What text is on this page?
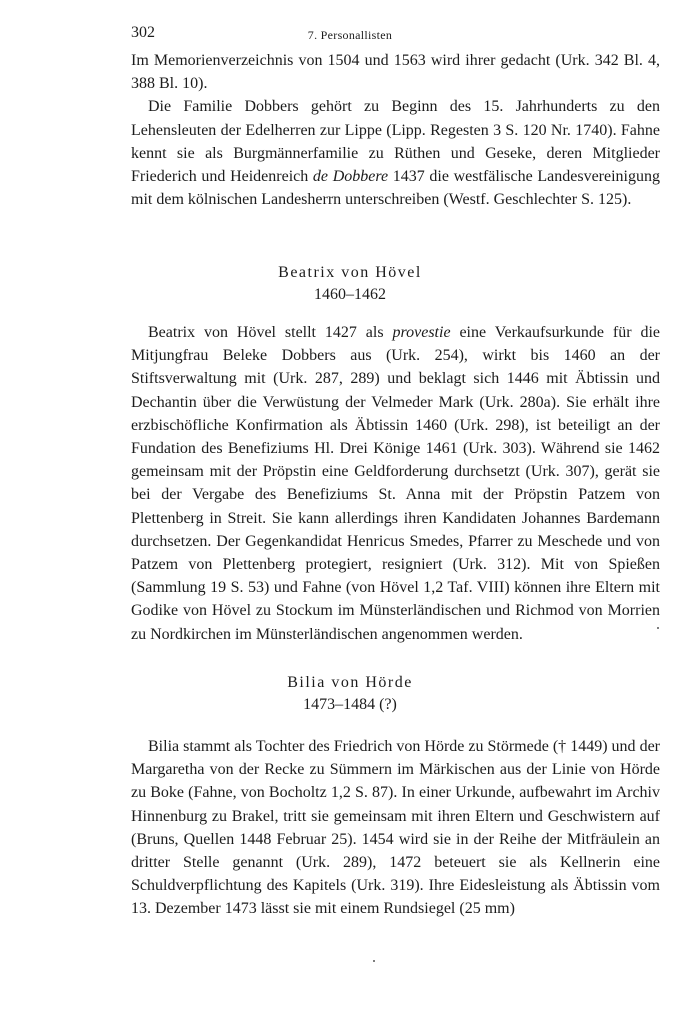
302	7. Personallisten

Im Memorienverzeichnis von 1504 und 1563 wird ihrer gedacht (Urk. 342 Bl. 4, 388 Bl. 10).

Die Familie Dobbers gehört zu Beginn des 15. Jahrhunderts zu den Lehensleuten der Edelherren zur Lippe (Lipp. Regesten 3 S. 120 Nr. 1740). Fahne kennt sie als Burgmännerfamilie zu Rüthen und Geseke, deren Mitglieder Friederich und Heidenreich de Dobbere 1437 die westfälische Landesvereinigung mit dem kölnischen Landesherrn unterschreiben (Westf. Geschlechter S. 125).

Beatrix von Hövel
1460–1462

Beatrix von Hövel stellt 1427 als provestie eine Verkaufsurkunde für die Mitjungfrau Beleke Dobbers aus (Urk. 254), wirkt bis 1460 an der Stiftsverwaltung mit (Urk. 287, 289) und beklagt sich 1446 mit Äbtissin und Dechantin über die Verwüstung der Velmeder Mark (Urk. 280a). Sie erhält ihre erzbischöfliche Konfirmation als Äbtissin 1460 (Urk. 298), ist beteiligt an der Fundation des Benefiziums Hl. Drei Könige 1461 (Urk. 303). Während sie 1462 gemeinsam mit der Pröpstin eine Geldforderung durchsetzt (Urk. 307), gerät sie bei der Vergabe des Benefiziums St. Anna mit der Pröpstin Patzem von Plettenberg in Streit. Sie kann allerdings ihren Kandidaten Johannes Bardemann durchsetzen. Der Gegenkandidat Henricus Smedes, Pfarrer zu Meschede und von Patzem von Plettenberg protegiert, resigniert (Urk. 312). Mit von Spießen (Sammlung 19 S. 53) und Fahne (von Hövel 1,2 Taf. VIII) können ihre Eltern mit Godike von Hövel zu Stockum im Münsterländischen und Richmod von Morrien zu Nordkirchen im Münsterländischen angenommen werden.

Bilia von Hörde
1473–1484 (?)

Bilia stammt als Tochter des Friedrich von Hörde zu Störmede († 1449) und der Margaretha von der Recke zu Sümmern im Märkischen aus der Linie von Hörde zu Boke (Fahne, von Bocholtz 1,2 S. 87). In einer Urkunde, aufbewahrt im Archiv Hinnenburg zu Brakel, tritt sie gemeinsam mit ihren Eltern und Geschwistern auf (Bruns, Quellen 1448 Februar 25). 1454 wird sie in der Reihe der Mitfräulein an dritter Stelle genannt (Urk. 289), 1472 beteuert sie als Kellnerin eine Schuldverpflichtung des Kapitels (Urk. 319). Ihre Eidesleistung als Äbtissin vom 13. Dezember 1473 lässt sie mit einem Rundsiegel (25 mm)
